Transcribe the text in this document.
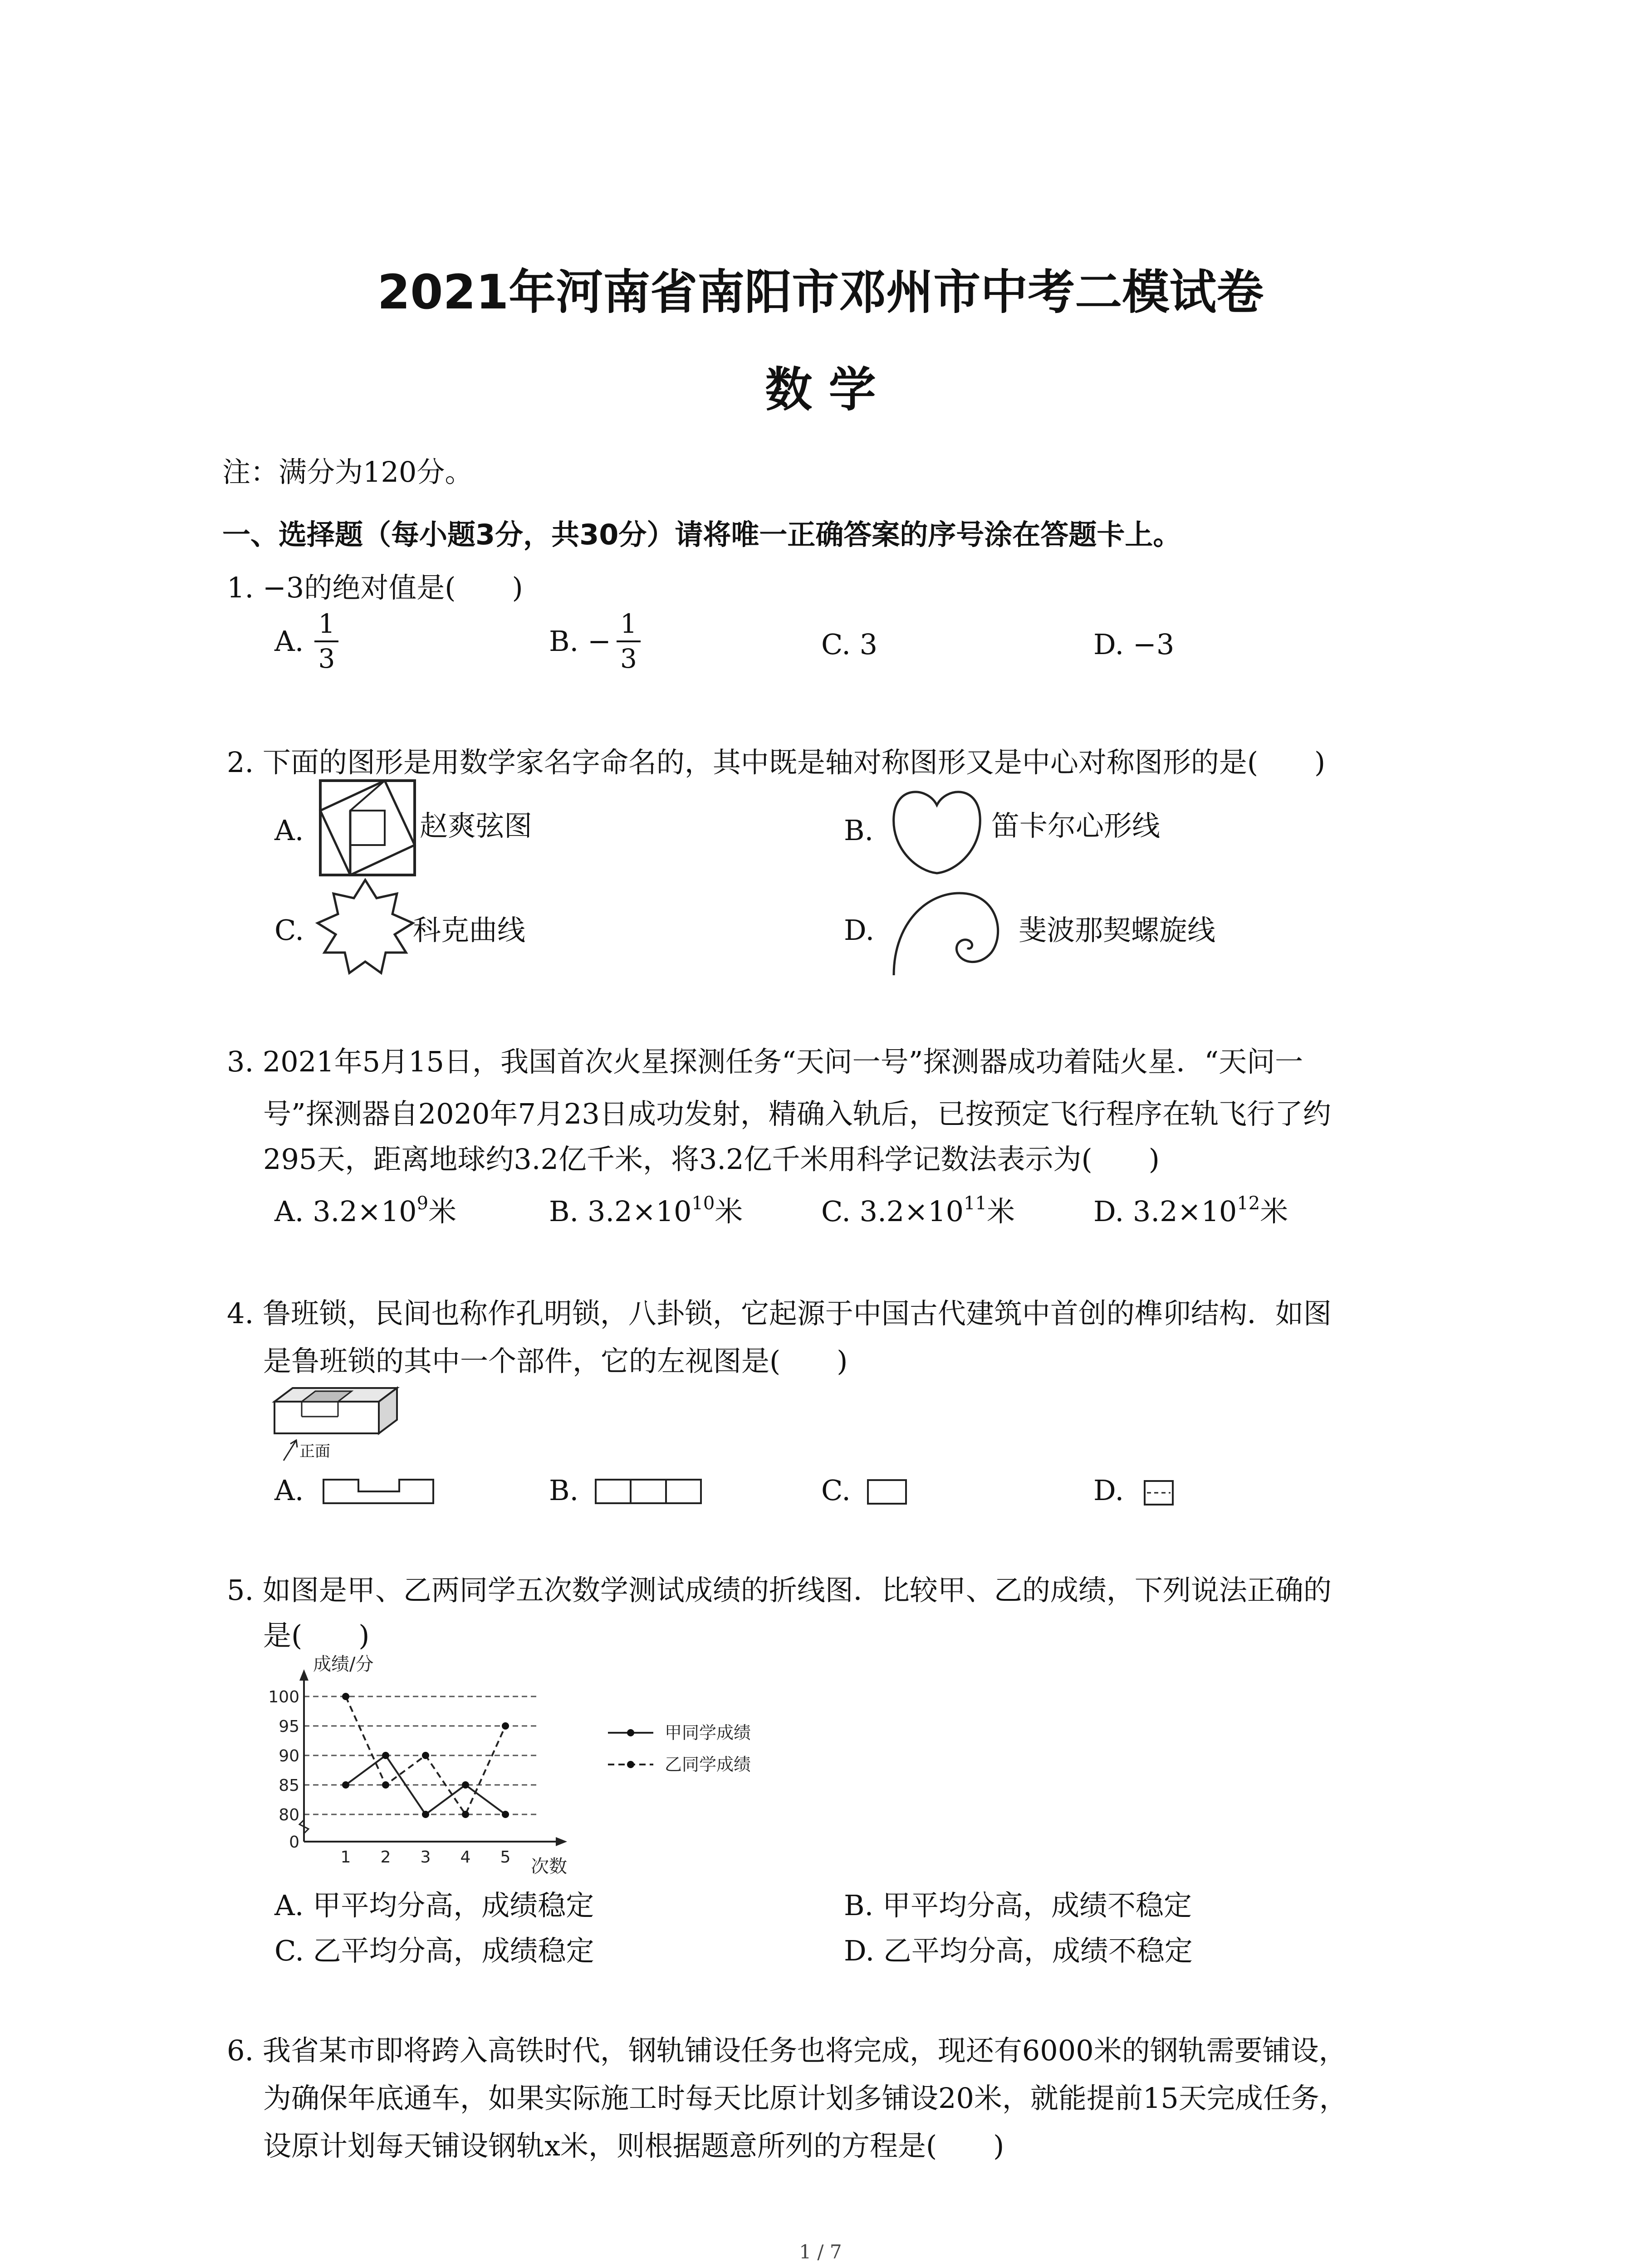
2021年河南省南阳市邓州市中考二模试卷
数 学
注：满分为120分。
一、选择题（每小题3分，共30分）请将唯一正确答案的序号涂在答题卡上。
1. −3的绝对值是(　　)
A. $\frac{1}{3}$	B. − $\frac{1}{3}$	C. 3	D. −3
2. 下面的图形是用数学家名字命名的，其中既是轴对称图形又是中心对称图形的是(　　)
A.	赵爽弦图	B.	笛卡尔心形线
C.	科克曲线	D.	斐波那契螺旋线
3. 2021年5月15日，我国首次火星探测任务“天问一号”探测器成功着陆火星．“天问一
号”探测器自2020年7月23日成功发射，精确入轨后，已按预定飞行程序在轨飞行了约
295天，距离地球约3.2亿千米，将3.2亿千米用科学记数法表示为(　　)
A. $3.2\times 10^9$米	B. $3.2\times 10^{10}$米	C. $3.2\times 10^{11}$米	D. $3.2\times 10^{12}$米
4. 鲁班锁，民间也称作孔明锁，八卦锁，它起源于中国古代建筑中首创的榫卯结构．如图
是鲁班锁的其中一个部件，它的左视图是(　　)
正面
A.	B.	C.	D.
5. 如图是甲、乙两同学五次数学测试成绩的折线图．比较甲、乙的成绩，下列说法正确的
是(　　)
0
80
85
90
95
100
1 2 3 4 5
成绩/分
次数
甲同学成绩
乙同学成绩
A. 甲平均分高，成绩稳定	B. 甲平均分高，成绩不稳定
C. 乙平均分高，成绩稳定	D. 乙平均分高，成绩不稳定
6. 我省某市即将跨入高铁时代，钢轨铺设任务也将完成，现还有6000米的钢轨需要铺设，
为确保年底通车，如果实际施工时每天比原计划多铺设20米，就能提前15天完成任务，
设原计划每天铺设钢轨x米，则根据题意所列的方程是(　　)
1 / 7
